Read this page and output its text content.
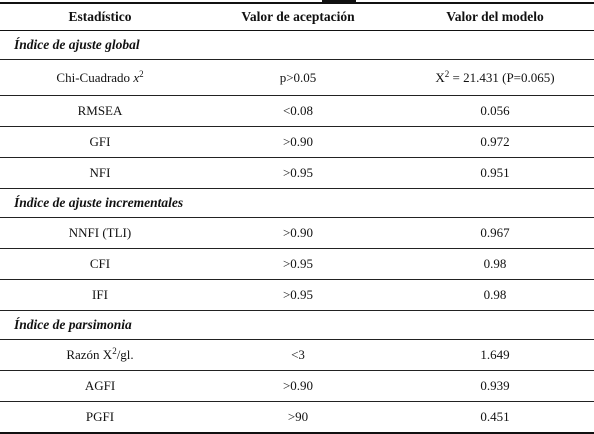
Estadístico	Valor de aceptación	Valor del modelo
Índice de ajuste global		
Chi-Cuadrado $x^2$	p>0.05	$X^2 = 21.431$ (P=0.065)
RMSEA	<0.08	0.056
GFI	>0.90	0.972
NFI	>0.95	0.951
Índice de ajuste incrementales		
NNFI (TLI)	>0.90	0.967
CFI	>0.95	0.98
IFI	>0.95	0.98
Índice de parsimonia		
Razón $X^2/gl$.	<3	1.649
AGFI	>0.90	0.939
PGFI	>90	0.451
